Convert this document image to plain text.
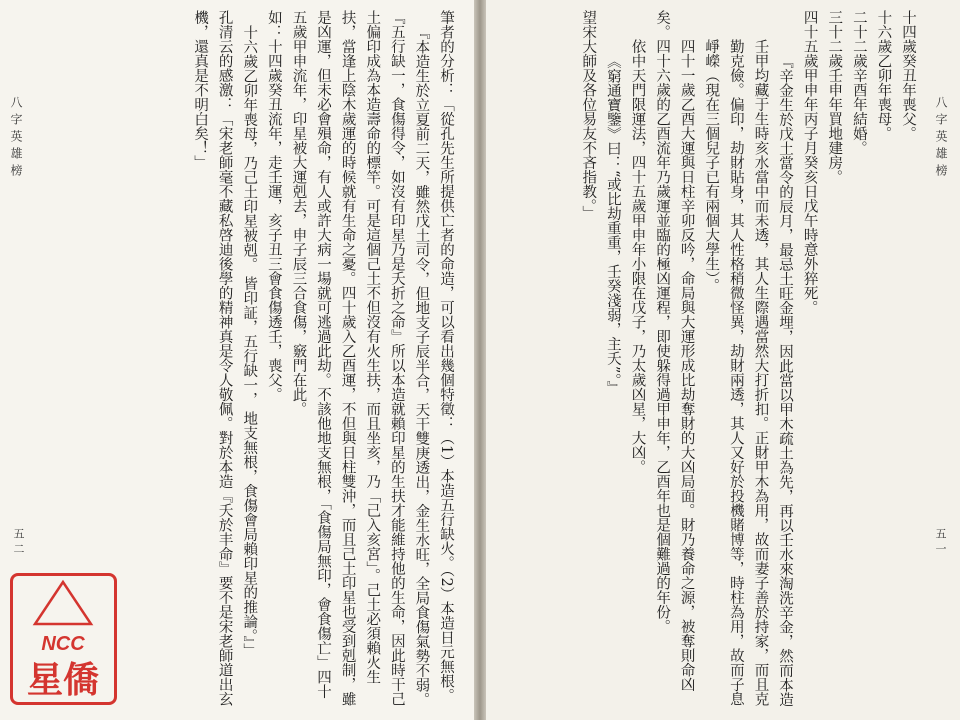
八字英雄榜
五二	筆者的分析：「從孔先生所提供亡者的命造，可以看出幾個特徵：（1）本造五行缺火。（2）本造日元無根。

『本造生於立夏前二天，雖然戊土司令，但地支子辰半合，天干雙庚透出，金生水旺，全局食傷氣勢不弱。『五行缺一，食傷得令，如沒有印星乃是夭折之命』所以本造就賴印星的生扶才能維持他的生命，因此時干己土偏印成為本造壽命的標竿。可是這個己土不但沒有火生扶，而且坐亥，乃「己入亥宮」。己土必須賴火生扶，當逢上陰木歲運的時候就有生命之憂。四十歲入乙酉運，不但與日柱雙沖，而且己土印星也受到剋制，雖是凶運，但未必會殞命，有人或許大病一場就可逃過此劫。不該他地支無根，「食傷局無印，會食傷亡」四十五歲甲申流年，印星被大運剋去，申子辰三合食傷，竅門在此。

如：十四歲癸丑流年，走壬運，亥子丑三會食傷透壬，喪父。

十六歲乙卯年喪母，乃己土印星被剋。 皆印証，五行缺一， 地支無根，食傷會局賴印星的推論。』」

孔清云的感激：「宋老師毫不藏私啓迪後學的精神真是令人敬佩。對於本造『夭於丰命』要不是宋老師道出玄機，還真是不明白矣！」

NCC
星僑
八字英雄榜
五一

十四歲癸丑年喪父。

十六歲乙卯年喪母。

二十二歲辛酉年結婚。

三十二歲壬申年買地建房。

四十五歲甲申年丙子月癸亥日戊午時意外猝死。

『辛金生於戊土當令的辰月，最忌土旺金埋，因此當以甲木疏土為先，再以壬水來淘洗辛金，然而本造壬甲均藏于生時亥水當中而未透，其人生際遇當然大打折扣。正財甲木為用，故而妻子善於持家，而且克勤克儉。偏印，劫財貼身，其人性格稍微怪異，劫財兩透，其人又好於投機賭博等，時柱為用，故而子息崢嶸（現在三個兒子已有兩個大學生）。

四十一歲乙酉大運與日柱辛卯反吟，命局與大運形成比劫奪財的大凶局面。財乃養命之源，被奪則命凶矣。四十六歲的乙酉流年乃歲運並臨的極凶運程，即使躲得過甲申年，乙酉年也是個難過的年份。

依中天門限運法，四十五歲甲申年小限在戊子，乃太歲凶星，大凶。

《窮通寶鑒》曰：“或比劫重重，壬癸淺弱，主夭”。』

望宋大師及各位易友不吝指教。」
